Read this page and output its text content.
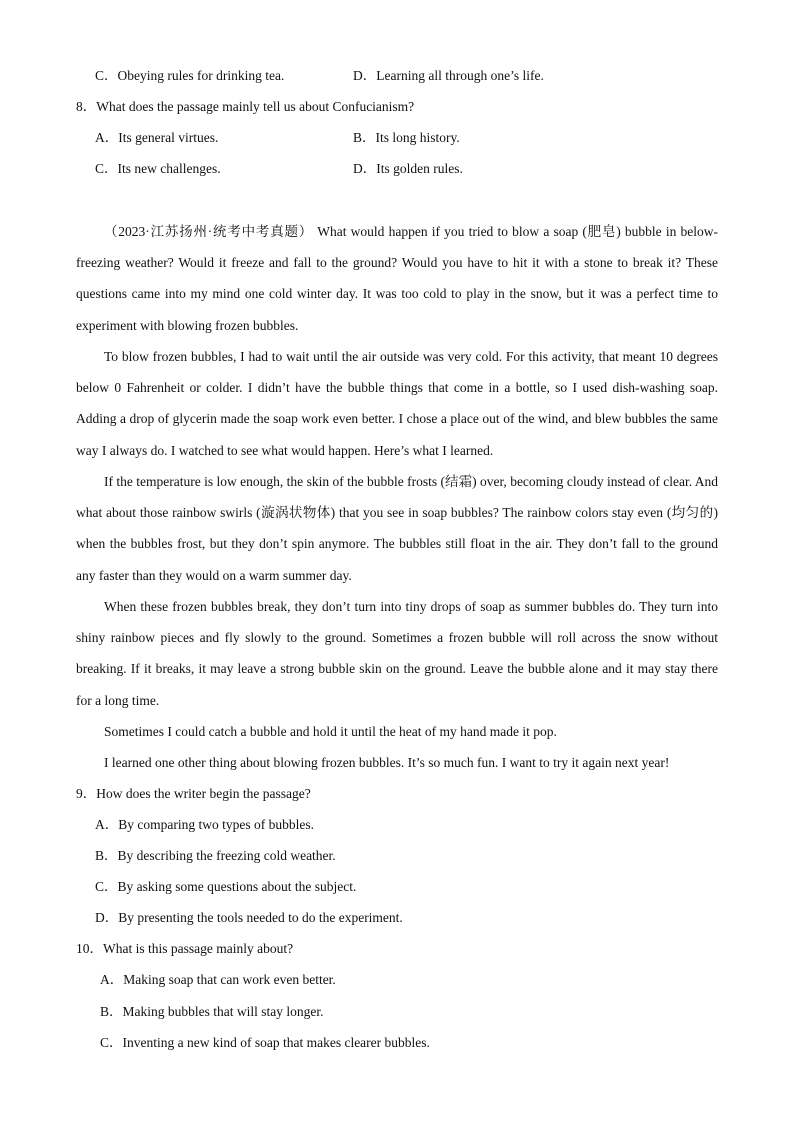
C．Obeying rules for drinking tea.	D．Learning all through one’s life.
8．What does the passage mainly tell us about Confucianism?
A．Its general virtues.	B．Its long history.
C．Its new challenges.	D．Its golden rules.

（2023·江苏扬州·统考中考真题） What would happen if you tried to blow a soap (肥皂) bubble in below-freezing weather? Would it freeze and fall to the ground? Would you have to hit it with a stone to break it? These questions came into my mind one cold winter day. It was too cold to play in the snow, but it was a perfect time to experiment with blowing frozen bubbles.

To blow frozen bubbles, I had to wait until the air outside was very cold. For this activity, that meant 10 degrees below 0 Fahrenheit or colder. I didn’t have the bubble things that come in a bottle, so I used dish-washing soap. Adding a drop of glycerin made the soap work even better. I chose a place out of the wind, and blew bubbles the same way I always do. I watched to see what would happen. Here’s what I learned.

If the temperature is low enough, the skin of the bubble frosts (结霜) over, becoming cloudy instead of clear. And what about those rainbow swirls (漩涡状物体) that you see in soap bubbles? The rainbow colors stay even (均匀的) when the bubbles frost, but they don’t spin anymore. The bubbles still float in the air. They don’t fall to the ground any faster than they would on a warm summer day.

When these frozen bubbles break, they don’t turn into tiny drops of soap as summer bubbles do. They turn into shiny rainbow pieces and fly slowly to the ground. Sometimes a frozen bubble will roll across the snow without breaking. If it breaks, it may leave a strong bubble skin on the ground. Leave the bubble alone and it may stay there for a long time.

Sometimes I could catch a bubble and hold it until the heat of my hand made it pop.

I learned one other thing about blowing frozen bubbles. It’s so much fun. I want to try it again next year!

9．How does the writer begin the passage?
A．By comparing two types of bubbles.
B．By describing the freezing cold weather.
C．By asking some questions about the subject.
D．By presenting the tools needed to do the experiment.
10．What is this passage mainly about?
A．Making soap that can work even better.
B．Making bubbles that will stay longer.
C．Inventing a new kind of soap that makes clearer bubbles.
